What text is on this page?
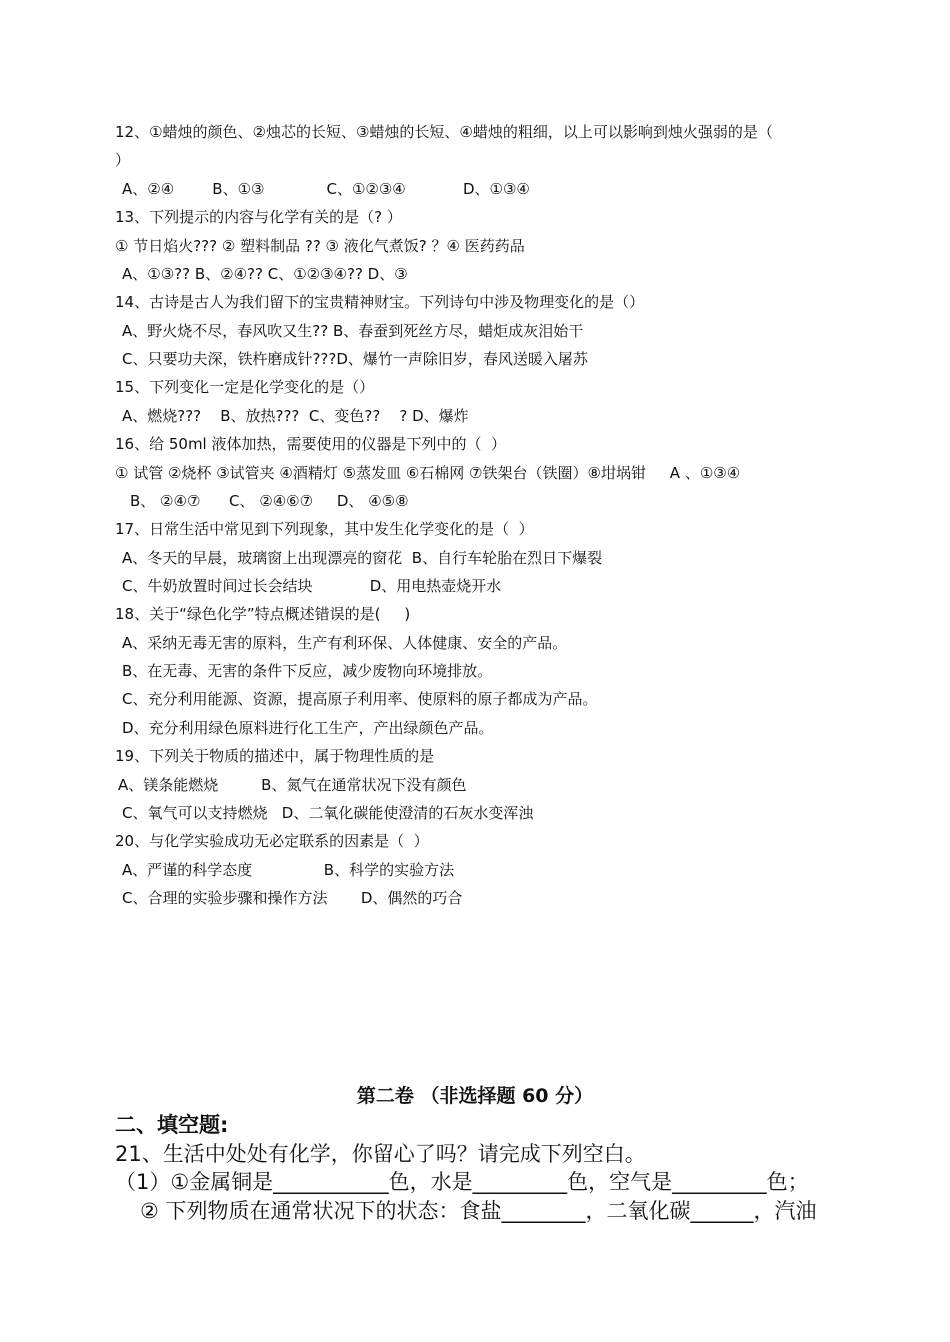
12、①蜡烛的颜色、②烛芯的长短、③蜡烛的长短、④蜡烛的粗细，以上可以影响到烛火强弱的是（
）
A、②④        B、①③             C、①②③④            D、①③④
13、下列提示的内容与化学有关的是（? ）
① 节日焰火??? ② 塑料制品 ?? ③ 液化气煮饭? ？④ 医药药品
A、①③?? B、②④?? C、①②③④?? D、③
14、古诗是古人为我们留下的宝贵精神财宝。下列诗句中涉及物理变化的是（）
A、野火烧不尽，春风吹又生?? B、春蚕到死丝方尽，蜡炬成灰泪始干
C、只要功夫深，铁杵磨成针???D、爆竹一声除旧岁，春风送暖入屠苏
15、下列变化一定是化学变化的是（）
A、燃烧???    B、放热???  C、变色??    ? D、爆炸
16、给 50ml 液体加热，需要使用的仪器是下列中的（  ）
① 试管 ②烧杯 ③试管夹 ④酒精灯 ⑤蒸发皿 ⑥石棉网 ⑦铁架台（铁圈）⑧坩埚钳     A 、①③④
B、 ②④⑦      C、 ②④⑥⑦     D、 ④⑤⑧
17、日常生活中常见到下列现象，其中发生化学变化的是（  ）
A、冬天的早晨，玻璃窗上出现漂亮的窗花  B、自行车轮胎在烈日下爆裂
C、牛奶放置时间过长会结块            D、用电热壶烧开水
18、关于“绿色化学”特点概述错误的是(     )
A、采纳无毒无害的原料，生产有利环保、人体健康、安全的产品。
B、在无毒、无害的条件下反应，减少废物向环境排放。
C、充分利用能源、资源，提高原子利用率、使原料的原子都成为产品。
D、充分利用绿色原料进行化工生产，产出绿颜色产品。
19、下列关于物质的描述中，属于物理性质的是
A、镁条能燃烧         B、氮气在通常状况下没有颜色
C、氧气可以支持燃烧   D、二氧化碳能使澄清的石灰水变浑浊
20、与化学实验成功无必定联系的因素是（  ）
A、严谨的科学态度               B、科学的实验方法
C、合理的实验步骤和操作方法       D、偶然的巧合
第二卷 （非选择题 60 分）
二、填空题:
21、生活中处处有化学，你留心了吗？请完成下列空白。
（1）①金属铜是___________色，水是_________色，空气是_________色；
② 下列物质在通常状况下的状态：食盐________，二氧化碳______，汽油
